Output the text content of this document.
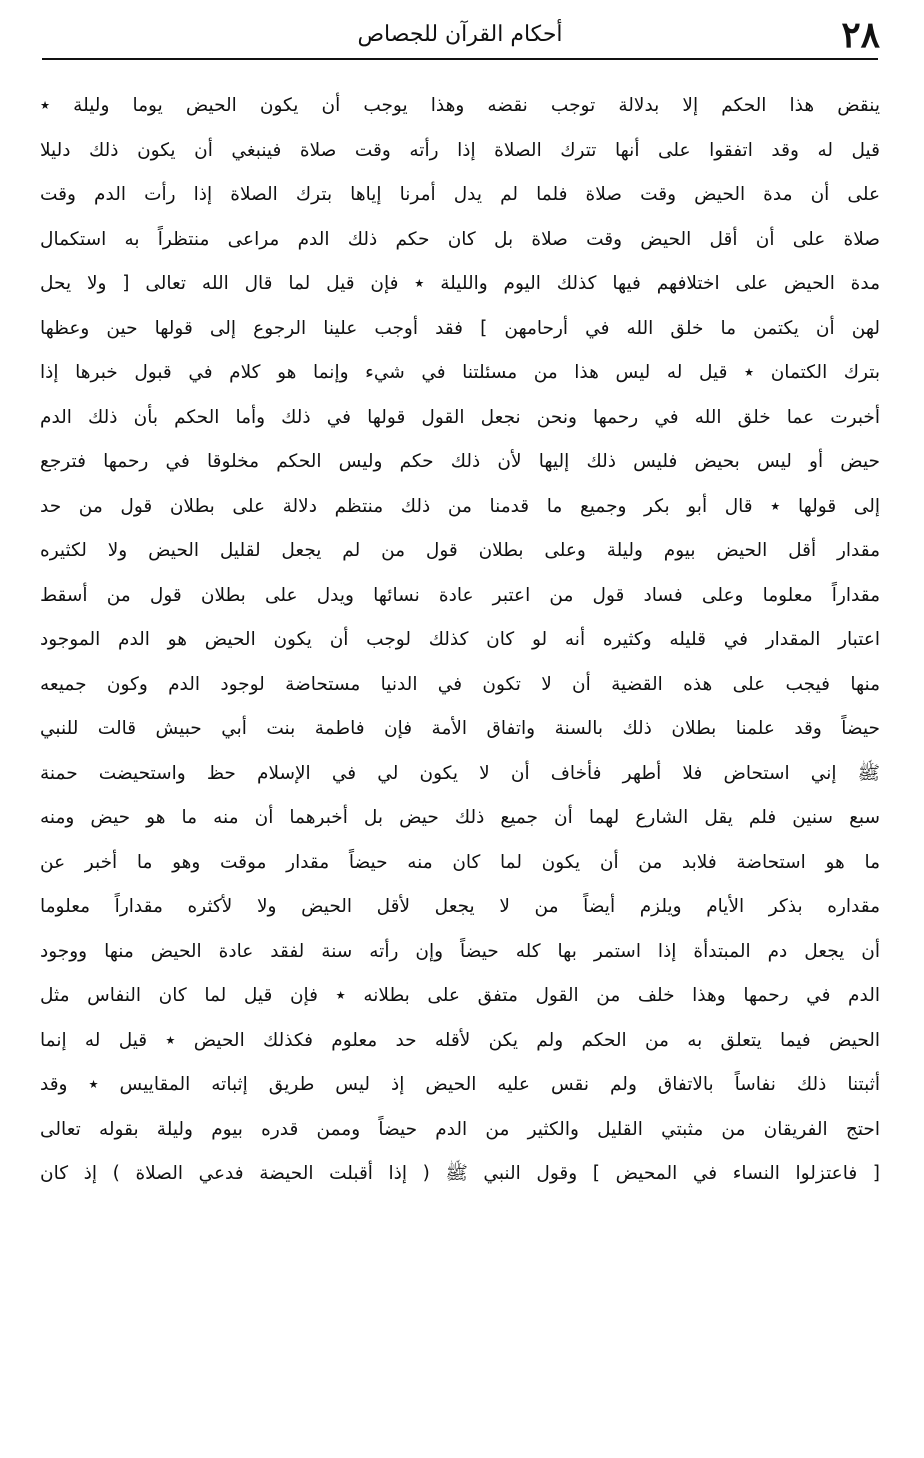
٢٨
أحكام القرآن للجصاص
ينقض هذا الحكم إلا بدلالة توجب نقضه وهذا يوجب أن يكون الحيض يوما وليلة ٭
قيل له وقد اتفقوا على أنها تترك الصلاة إذا رأته وقت صلاة فينبغي أن يكون ذلك دليلا
على أن مدة الحيض وقت صلاة فلما لم يدل أمرنا إياها بترك الصلاة إذا رأت الدم وقت
صلاة على أن أقل الحيض وقت صلاة بل كان حكم ذلك الدم مراعى منتظراً به استكمال
مدة الحيض على اختلافهم فيها كذلك اليوم والليلة ٭ فإن قيل لما قال الله تعالى [ ولا يحل
لهن أن يكتمن ما خلق الله في أرحامهن ] فقد أوجب علينا الرجوع إلى قولها حين وعظها
بترك الكتمان ٭ قيل له ليس هذا من مسئلتنا في شيء وإنما هو كلام في قبول خبرها إذا
أخبرت عما خلق الله في رحمها ونحن نجعل القول قولها في ذلك وأما الحكم بأن ذلك الدم
حيض أو ليس بحيض فليس ذلك إليها لأن ذلك حكم وليس الحكم مخلوقا في رحمها فترجع
إلى قولها ٭ قال أبو بكر وجميع ما قدمنا من ذلك منتظم دلالة على بطلان قول من حد
مقدار أقل الحيض بيوم وليلة وعلى بطلان قول من لم يجعل لقليل الحيض ولا لكثيره
مقداراً معلوما وعلى فساد قول من اعتبر عادة نسائها ويدل على بطلان قول من أسقط
اعتبار المقدار في قليله وكثيره أنه لو كان كذلك لوجب أن يكون الحيض هو الدم الموجود
منها فيجب على هذه القضية أن لا تكون في الدنيا مستحاضة لوجود الدم وكون جميعه
حيضاً وقد علمنا بطلان ذلك بالسنة واتفاق الأمة فإن فاطمة بنت أبي حبيش قالت للنبي
ﷺ إني استحاض فلا أطهر فأخاف أن لا يكون لي في الإسلام حظ واستحيضت حمنة
سبع سنين فلم يقل الشارع لهما أن جميع ذلك حيض بل أخبرهما أن منه ما هو حيض ومنه
ما هو استحاضة فلابد من أن يكون لما كان منه حيضاً مقدار موقت وهو ما أخبر عن
مقداره بذكر الأيام ويلزم أيضاً من لا يجعل لأقل الحيض ولا لأكثره مقداراً معلوما
أن يجعل دم المبتدأة إذا استمر بها كله حيضاً وإن رأته سنة لفقد عادة الحيض منها ووجود
الدم في رحمها وهذا خلف من القول متفق على بطلانه ٭ فإن قيل لما كان النفاس مثل
الحيض فيما يتعلق به من الحكم ولم يكن لأقله حد معلوم فكذلك الحيض ٭ قيل له إنما
أثبتنا ذلك نفاساً بالاتفاق ولم نقس عليه الحيض إذ ليس طريق إثباته المقاييس ٭ وقد
احتج الفريقان من مثبتي القليل والكثير من الدم حيضاً وممن قدره بيوم وليلة بقوله تعالى
[ فاعتزلوا النساء في المحيض ] وقول النبي ﷺ ( إذا أقبلت الحيضة فدعي الصلاة ) إذ كان
